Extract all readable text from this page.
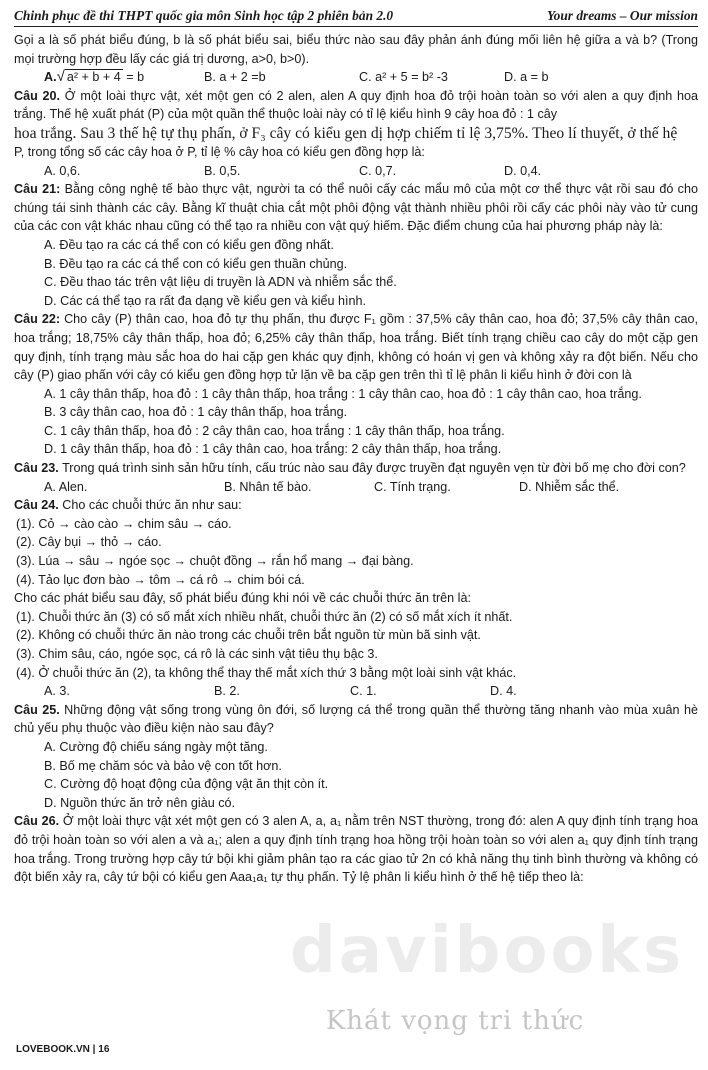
Chinh phục đề thi THPT quốc gia môn Sinh học tập 2 phiên bản 2.0	Your dreams – Our mission

Gọi a là số phát biểu đúng, b là số phát biểu sai, biểu thức nào sau đây phản ánh đúng mối liên hệ giữa a và b? (Trong mọi trường hợp đều lấy các giá trị dương, a>0, b>0).

A.√ a² + b + 4 = b	B. a + 2 =b	C. a² + 5 = b² -3	D. a = b

Câu 20. Ở một loài thực vật, xét một gen có 2 alen, alen A quy định hoa đỏ trội hoàn toàn so với alen a quy định hoa trắng. Thế hệ xuất phát (P) của một quần thể thuộc loài này có tỉ lệ kiểu hình 9 cây hoa đỏ : 1 cây

hoa trắng. Sau 3 thế hệ tự thụ phấn, ở F₃ cây có kiểu gen dị hợp chiếm tỉ lệ 3,75%. Theo lí thuyết, ở thế hệ

P, trong tổng số các cây hoa ở P, tỉ lệ % cây hoa có kiểu gen đồng hợp là:

A. 0,6.	B. 0,5.	C. 0,7.	D. 0,4.

Câu 21: Bằng công nghệ tế bào thực vật, người ta có thể nuôi cấy các mẩu mô của một cơ thể thực vật rồi sau đó cho chúng tái sinh thành các cây. Bằng kĩ thuật chia cắt một phôi động vật thành nhiều phôi rồi cấy các phôi này vào tử cung của các con vật khác nhau cũng có thể tạo ra nhiều con vật quý hiếm. Đặc điểm chung của hai phương pháp này là:

A. Đều tạo ra các cá thể con có kiểu gen đồng nhất.

B. Đều tạo ra các cá thể con có kiểu gen thuần chủng.

C. Đều thao tác trên vật liệu di truyền là ADN và nhiễm sắc thể.

D. Các cá thể tạo ra rất đa dạng về kiểu gen và kiểu hình.

Câu 22: Cho cây (P) thân cao, hoa đỏ tự thụ phấn, thu được F₁ gồm : 37,5% cây thân cao, hoa đỏ; 37,5% cây thân cao, hoa trắng; 18,75% cây thân thấp, hoa đỏ; 6,25% cây thân thấp, hoa trắng. Biết tính trạng chiều cao cây do một cặp gen quy định, tính trạng màu sắc hoa do hai cặp gen khác quy định, không có hoán vị gen và không xảy ra đột biến. Nếu cho cây (P) giao phấn với cây có kiểu gen đồng hợp tử lặn về ba cặp gen trên thì tỉ lệ phân li kiểu hình ở đời con là

A. 1 cây thân thấp, hoa đỏ : 1 cây thân thấp, hoa trắng : 1 cây thân cao, hoa đỏ : 1 cây thân cao, hoa trắng.

B. 3 cây thân cao, hoa đỏ : 1 cây thân thấp, hoa trắng.

C. 1 cây thân thấp, hoa đỏ : 2 cây thân cao, hoa trắng : 1 cây thân thấp, hoa trắng.

D. 1 cây thân thấp, hoa đỏ : 1 cây thân cao, hoa trắng: 2 cây thân thấp, hoa trắng.

Câu 23. Trong quá trình sinh sản hữu tính, cấu trúc nào sau đây được truyền đạt nguyên vẹn từ đời bố mẹ cho đời con?

A. Alen.	B. Nhân tế bào.	C. Tính trạng.	D. Nhiễm sắc thể.

Câu 24. Cho các chuỗi thức ăn như sau:

(1). Cỏ → cào cào → chim sâu → cáo.

(2). Cây bụi → thỏ → cáo.

(3). Lúa → sâu → ngóe sọc → chuột đồng → rắn hổ mang → đại bàng.

(4). Tảo lục đơn bào → tôm → cá rô → chim bói cá.

Cho các phát biểu sau đây, số phát biểu đúng khi nói về các chuỗi thức ăn trên là:

(1). Chuỗi thức ăn (3) có số mắt xích nhiều nhất, chuỗi thức ăn (2) có số mắt xích ít nhất.

(2). Không có chuỗi thức ăn nào trong các chuỗi trên bắt nguồn từ mùn bã sinh vật.

(3). Chim sâu, cáo, ngóe sọc, cá rô là các sinh vật tiêu thụ bậc 3.

(4). Ở chuỗi thức ăn (2), ta không thể thay thế mắt xích thứ 3 bằng một loài sinh vật khác.

A. 3.	B. 2.	C. 1.	D. 4.

Câu 25. Những động vật sống trong vùng ôn đới, số lượng cá thể trong quần thể thường tăng nhanh vào mùa xuân hè chủ yếu phụ thuộc vào điều kiện nào sau đây?

A. Cường độ chiếu sáng ngày một tăng.

B. Bố mẹ chăm sóc và bảo vệ con tốt hơn.

C. Cường độ hoạt động của động vật ăn thịt còn ít.

D. Nguồn thức ăn trở nên giàu có.

Câu 26. Ở một loài thực vật xét một gen có 3 alen A, a, a₁ nằm trên NST thường, trong đó: alen A quy định tính trạng hoa đỏ trội hoàn toàn so với alen a và a₁; alen a quy định tính trạng hoa hồng trội hoàn toàn so với alen a₁ quy định tính trạng hoa trắng. Trong trường hợp cây tứ bội khi giảm phân tạo ra các giao tử 2n có khả năng thụ tinh bình thường và không có đột biến xảy ra, cây tứ bội có kiểu gen Aaa₁a₁ tự thụ phấn. Tỷ lệ phân li kiểu hình ở thế hệ tiếp theo là:

davibooks
Khát vọng tri thức
LOVEBOOK.VN | 16
